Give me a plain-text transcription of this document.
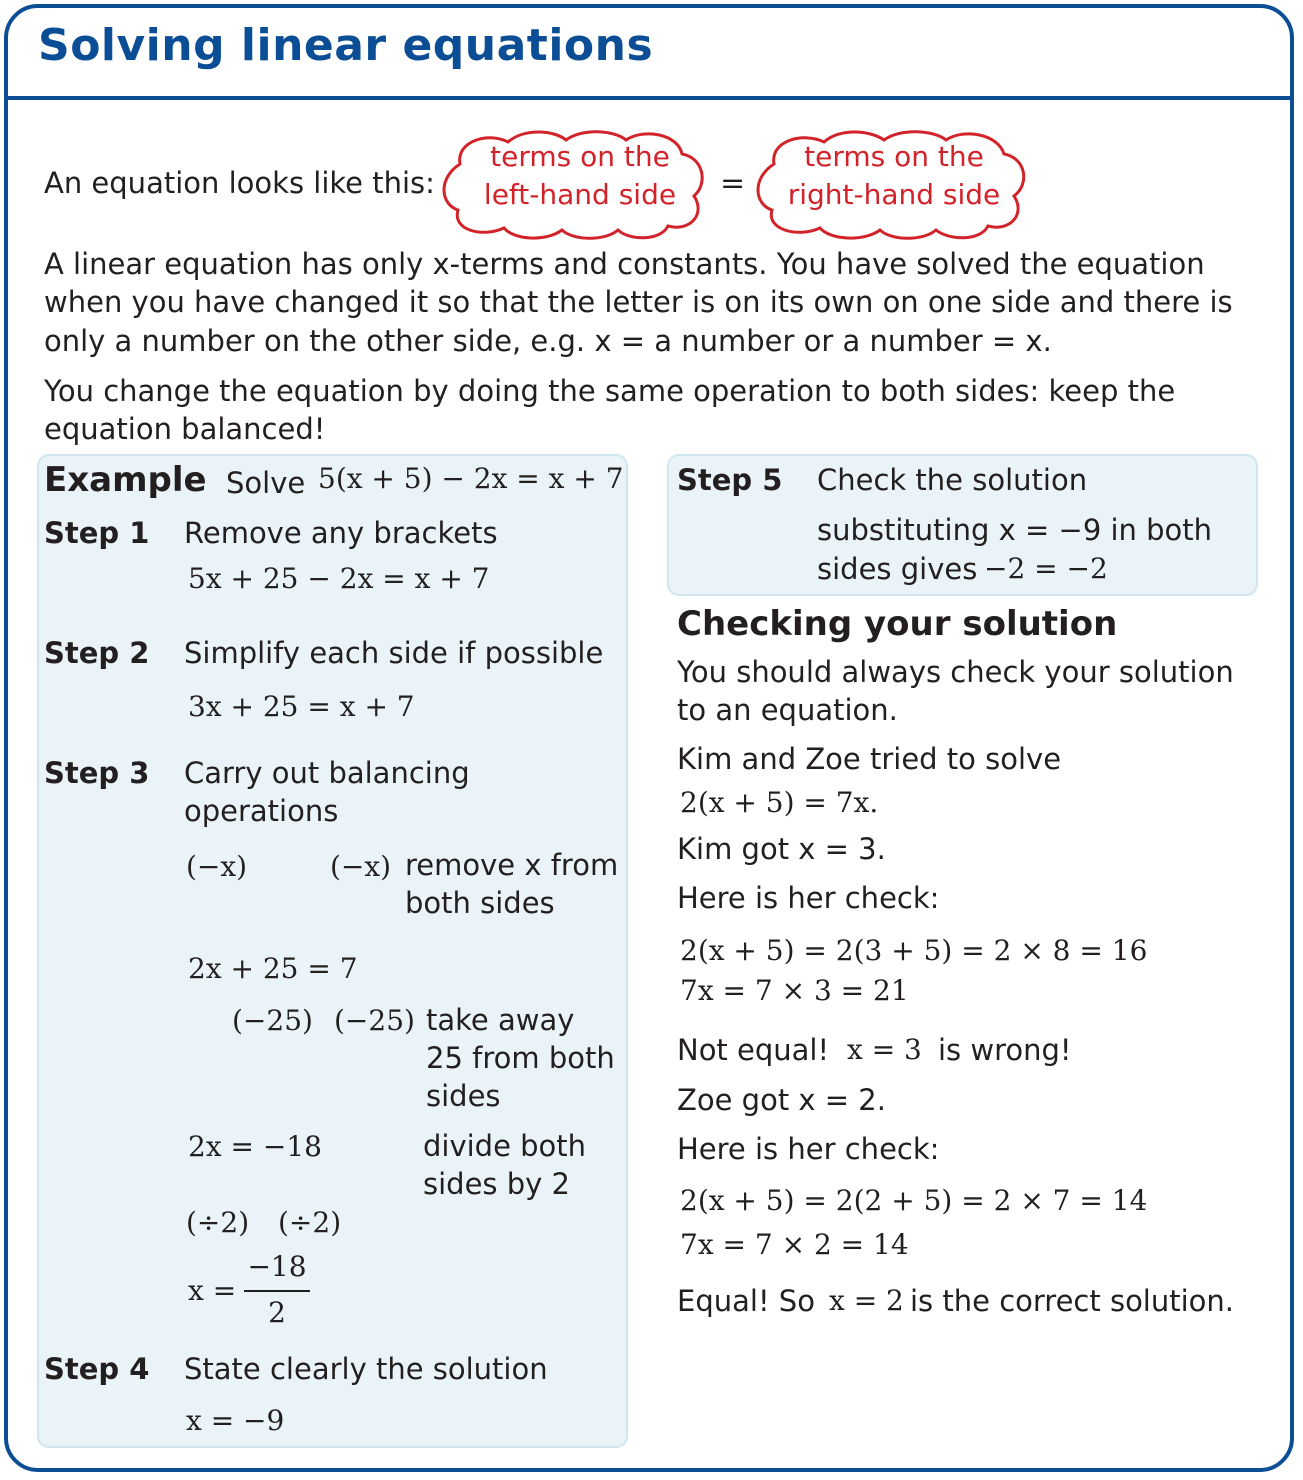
Solving linear equations
An equation looks like this:
terms on the
left-hand side	=
terms on the
right-hand side
A linear equation has only x-terms and constants. You have solved the equation
when you have changed it so that the letter is on its own on one side and there is
only a number on the other side, e.g. x = a number or a number = x.
You change the equation by doing the same operation to both sides: keep the
equation balanced!
Example Solve 5(x + 5) − 2x = x + 7
Step 1 Remove any brackets
5x + 25 − 2x = x + 7
Step 2 Simplify each side if possible
3x + 25 = x + 7
Step 3 Carry out balancing
operations
(−x)	(−x) remove x from
both sides
2x + 25 = 7
(−25) (−25) take away
25 from both
sides
2x = −18	divide both
sides by 2
(÷2) (÷2)
x =
−18
2
Step 4 State clearly the solution
x = −9
Step 5 Check the solution
substituting x = −9 in both
sides gives −2 = −2
Checking your solution
You should always check your solution
to an equation.
Kim and Zoe tried to solve
2(x + 5) = 7x.
Kim got x = 3.
Here is her check:
2(x + 5) = 2(3 + 5) = 2 × 8 = 16
7x = 7 × 3 = 21
Not equal! x = 3 is wrong!
Zoe got x = 2.
Here is her check:
2(x + 5) = 2(2 + 5) = 2 × 7 = 14
7x = 7 × 2 = 14
Equal! So x = 2 is the correct solution.
